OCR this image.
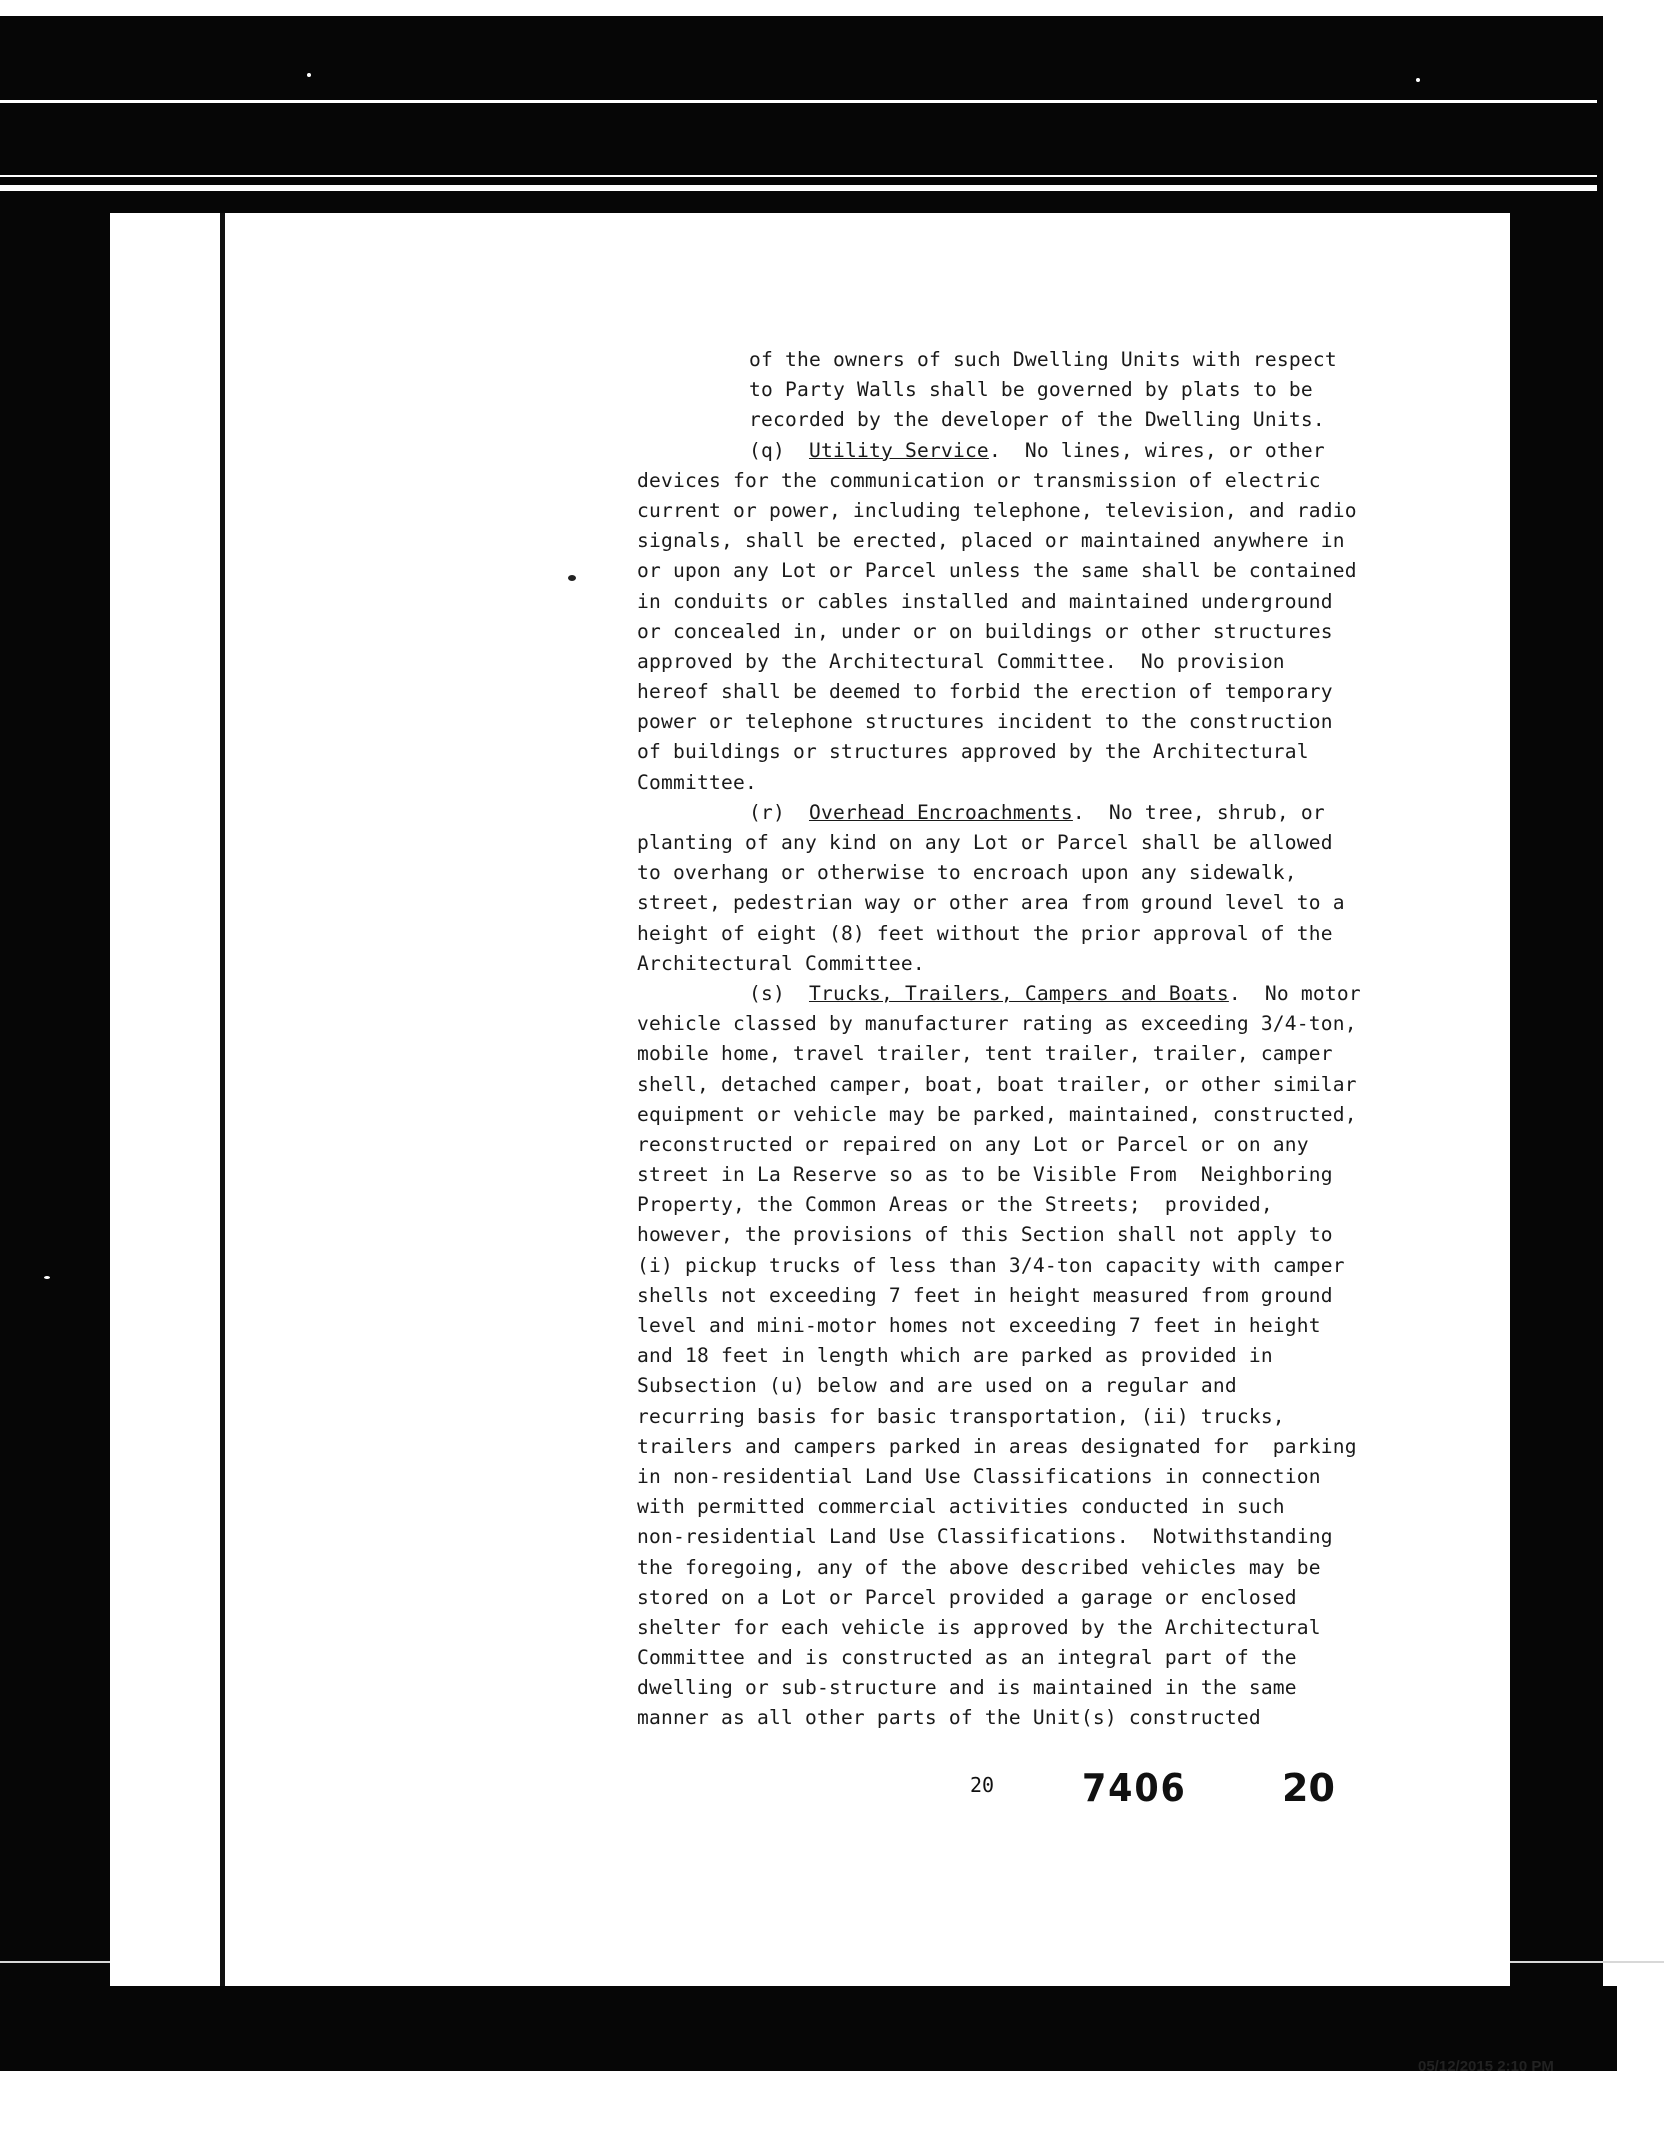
of the owners of such Dwelling Units with respect
to Party Walls shall be governed by plats to be
recorded by the developer of the Dwelling Units.
(q)  Utility Service.  No lines, wires, or other
devices for the communication or transmission of electric
current or power, including telephone, television, and radio
signals, shall be erected, placed or maintained anywhere in
or upon any Lot or Parcel unless the same shall be contained
in conduits or cables installed and maintained underground
or concealed in, under or on buildings or other structures
approved by the Architectural Committee.  No provision
hereof shall be deemed to forbid the erection of temporary
power or telephone structures incident to the construction
of buildings or structures approved by the Architectural
Committee.
(r)  Overhead Encroachments.  No tree, shrub, or
planting of any kind on any Lot or Parcel shall be allowed
to overhang or otherwise to encroach upon any sidewalk,
street, pedestrian way or other area from ground level to a
height of eight (8) feet without the prior approval of the
Architectural Committee.
(s)  Trucks, Trailers, Campers and Boats.  No motor
vehicle classed by manufacturer rating as exceeding 3/4-ton,
mobile home, travel trailer, tent trailer, trailer, camper
shell, detached camper, boat, boat trailer, or other similar
equipment or vehicle may be parked, maintained, constructed,
reconstructed or repaired on any Lot or Parcel or on any
street in La Reserve so as to be Visible From  Neighboring
Property, the Common Areas or the Streets;  provided,
however, the provisions of this Section shall not apply to
(i) pickup trucks of less than 3/4-ton capacity with camper
shells not exceeding 7 feet in height measured from ground
level and mini-motor homes not exceeding 7 feet in height
and 18 feet in length which are parked as provided in
Subsection (u) below and are used on a regular and
recurring basis for basic transportation, (ii) trucks,
trailers and campers parked in areas designated for  parking
in non-residential Land Use Classifications in connection
with permitted commercial activities conducted in such
non-residential Land Use Classifications.  Notwithstanding
the foregoing, any of the above described vehicles may be
stored on a Lot or Parcel provided a garage or enclosed
shelter for each vehicle is approved by the Architectural
Committee and is constructed as an integral part of the
dwelling or sub-structure and is maintained in the same
manner as all other parts of the Unit(s) constructed
20 7406	20
05/12/2015 2:10 PM
